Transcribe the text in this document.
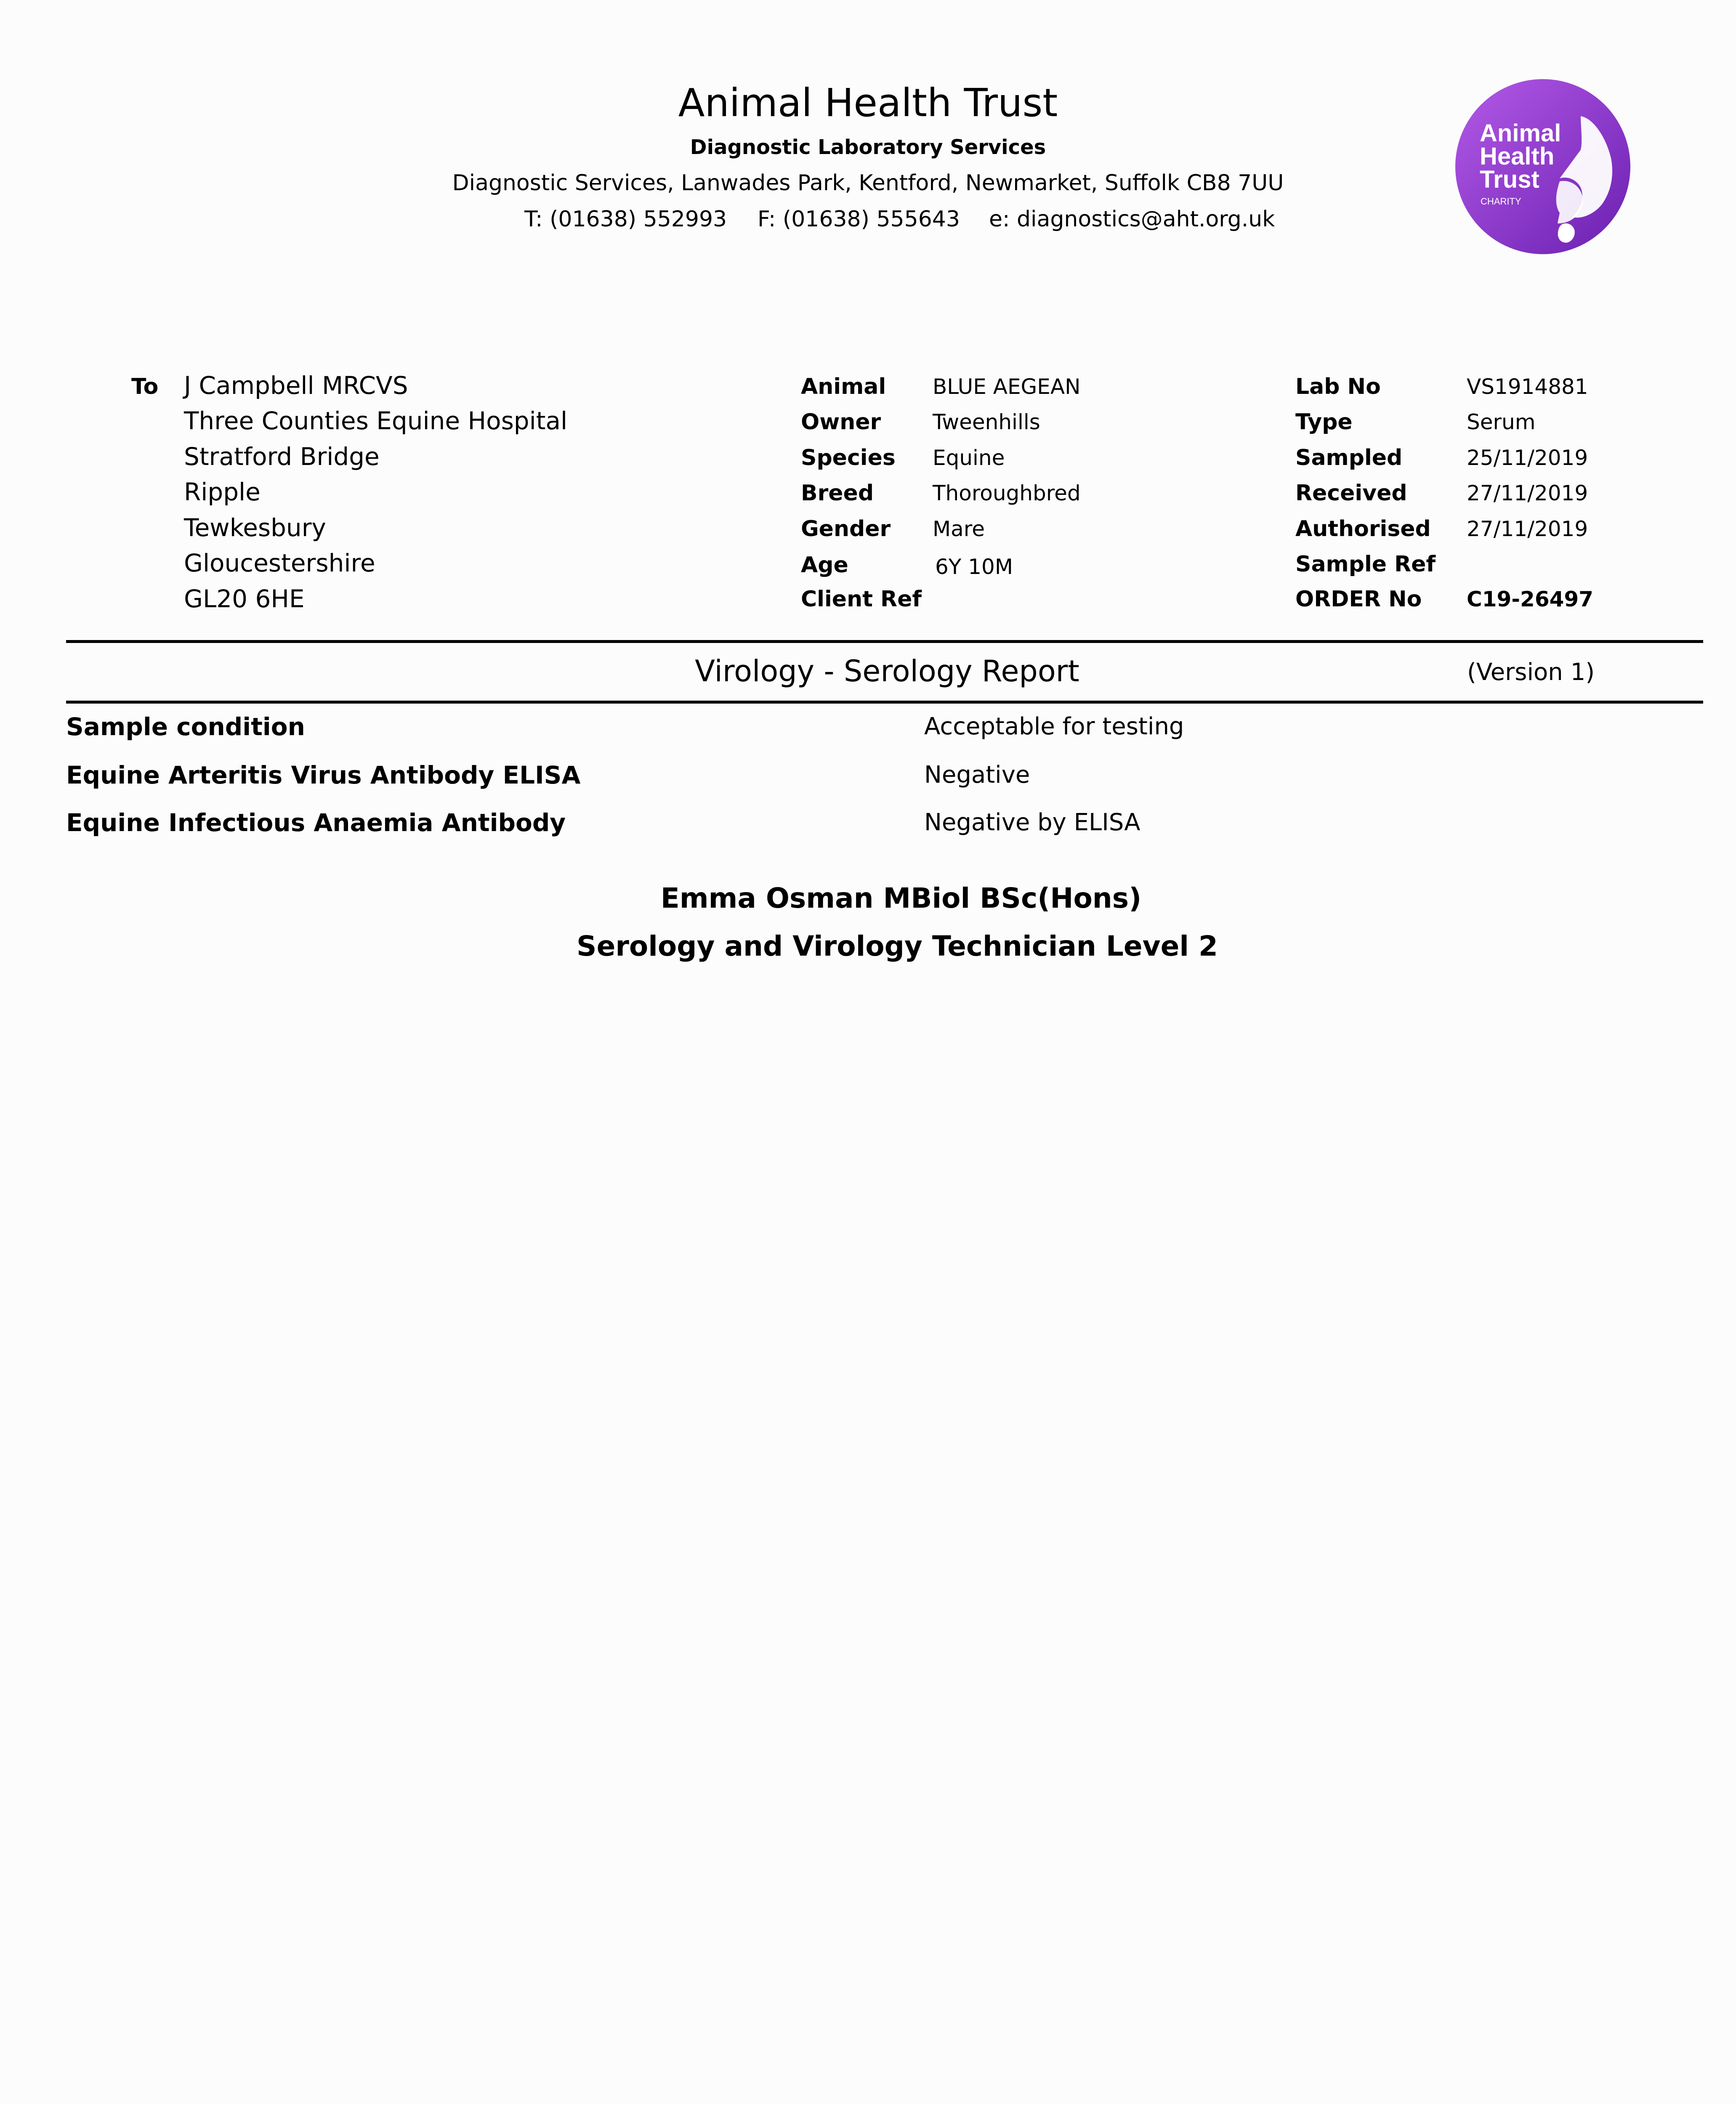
Animal Health Trust
Diagnostic Laboratory Services
Diagnostic Services, Lanwades Park, Kentford, Newmarket, Suffolk CB8 7UU
T: (01638) 552993 F: (01638) 555643 e: diagnostics@aht.org.uk
Animal
Health
Trust
CHARITY
To J Campbell MRCVS
Three Counties Equine Hospital
Stratford Bridge
Ripple
Tewkesbury
Gloucestershire
GL20 6HE
Animal BLUE AEGEAN
Owner Tweenhills
Species Equine
Breed	Thoroughbred
Gender Mare
Age	6Y 10M
Client Ref
Lab No	VS1914881
Type	Serum
Sampled	25/11/2019
Received	27/11/2019
Authorised 27/11/2019
Sample Ref
ORDER No C19-26497
Virology - Serology Report	(Version 1)
Sample condition	Acceptable for testing
Equine Arteritis Virus Antibody ELISA	Negative
Equine Infectious Anaemia Antibody	Negative by ELISA
Emma Osman MBiol BSc(Hons)
Serology and Virology Technician Level 2
